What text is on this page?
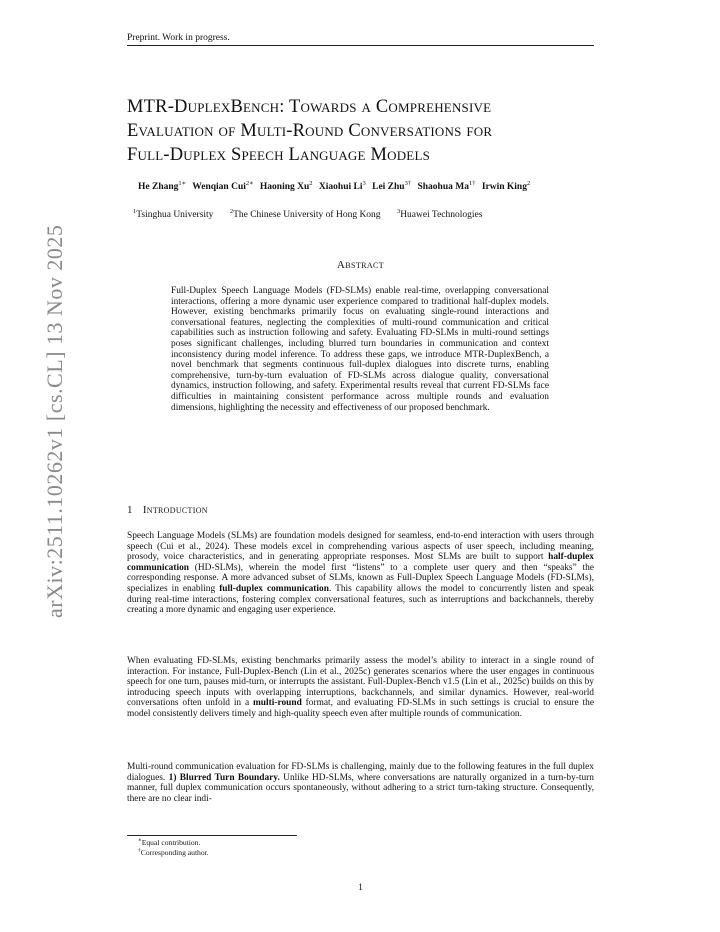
Preprint. Work in progress.
arXiv:2511.10262v1 [cs.CL] 13 Nov 2025
MTR-DuplexBench: Towards a Comprehensive
Evaluation of Multi-Round Conversations for
Full-Duplex Speech Language Models
He Zhang$^{1∗}$ Wenqian Cui$^{2∗}$ Haoning Xu$^2$ Xiaohui Li$^3$ Lei Zhu$^{3\dagger}$ Shaohua $Ma^{1\dagger}$ Irwin King$^2$
$^1$Tsinghua University	$^2$The Chinese University of Hong Kong	$^3$Huawei Technologies
Abstract
Full-Duplex Speech Language Models (FD-SLMs) enable real-time, overlapping conversational interactions, offering a more dynamic user experience compared to traditional half-duplex models. However, existing benchmarks primarily focus on evaluating single-round interactions and conversational features, neglecting the complexities of multi-round communication and critical capabilities such as instruction following and safety. Evaluating FD-SLMs in multi-round settings poses significant challenges, including blurred turn boundaries in communication and context inconsistency during model inference. To address these gaps, we introduce MTR-DuplexBench, a novel benchmark that segments continuous full-duplex dialogues into discrete turns, enabling comprehensive, turn-by-turn evaluation of FD-SLMs across dialogue quality, conversational dynamics, instruction following, and safety. Experimental results reveal that current FD-SLMs face difficulties in maintaining consistent performance across multiple rounds and evaluation dimensions, highlighting the necessity and effectiveness of our proposed benchmark.
1 Introduction
Speech Language Models (SLMs) are foundation models designed for seamless, end-to-end interaction with users through speech (Cui et al., 2024). These models excel in comprehending various aspects of user speech, including meaning, prosody, voice characteristics, and in generating appropriate responses. Most SLMs are built to support half-duplex communication (HD-SLMs), wherein the model first “listens” to a complete user query and then “speaks” the corresponding response. A more advanced subset of SLMs, known as Full-Duplex Speech Language Models (FD-SLMs), specializes in enabling full-duplex communication. This capability allows the model to concurrently listen and speak during real-time interactions, fostering complex conversational features, such as interruptions and backchannels, thereby creating a more dynamic and engaging user experience.
When evaluating FD-SLMs, existing benchmarks primarily assess the model’s ability to interact in a single round of interaction. For instance, Full-Duplex-Bench (Lin et al., 2025c) generates scenarios where the user engages in continuous speech for one turn, pauses mid-turn, or interrupts the assistant. Full-Duplex-Bench v1.5 (Lin et al., 2025c) builds on this by introducing speech inputs with overlapping interruptions, backchannels, and similar dynamics. However, real-world conversations often unfold in a multi-round format, and evaluating FD-SLMs in such settings is crucial to ensure the model consistently delivers timely and high-quality speech even after multiple rounds of communication.
Multi-round communication evaluation for FD-SLMs is challenging, mainly due to the following features in the full duplex dialogues. 1) Blurred Turn Boundary. Unlike HD-SLMs, where conversations are naturally organized in a turn-by-turn manner, full duplex communication occurs spontaneously, without adhering to a strict turn-taking structure. Consequently, there are no clear indi-
∗Equal contribution.
†Corresponding author.
1
